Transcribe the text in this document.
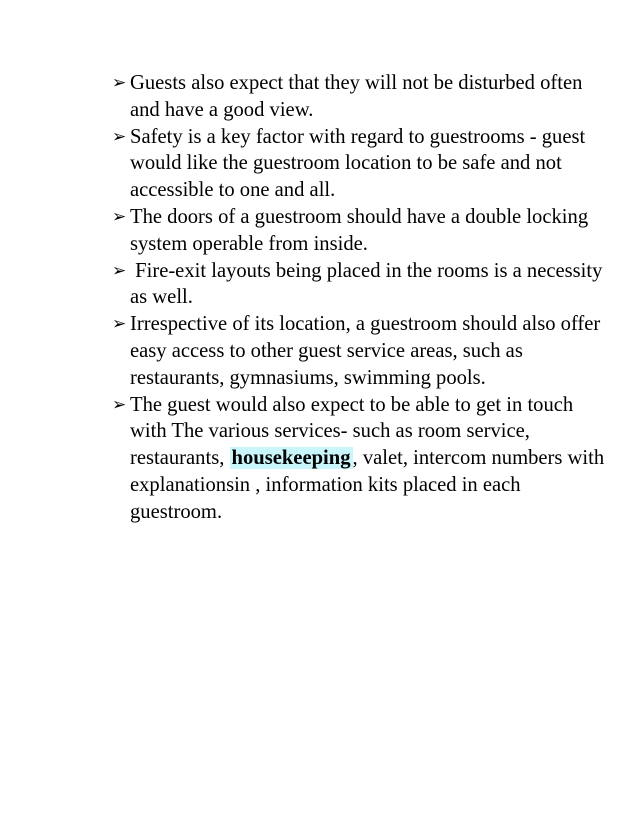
➢ Guests also expect that they will not be disturbed often and have a good view.
➢ Safety is a key factor with regard to guestrooms - guest would like the guestroom location to be safe and not accessible to one and all.
➢ The doors of a guestroom should have a double locking system operable from inside.
➢ Fire-exit layouts being placed in the rooms is a necessity as well.
➢ Irrespective of its location, a guestroom should also offer easy access to other guest service areas, such as restaurants, gymnasiums, swimming pools.
➢ The guest would also expect to be able to get in touch with The various services- such as room service, restaurants, housekeeping, valet, intercom numbers with explanationsin , information kits placed in each guestroom.
